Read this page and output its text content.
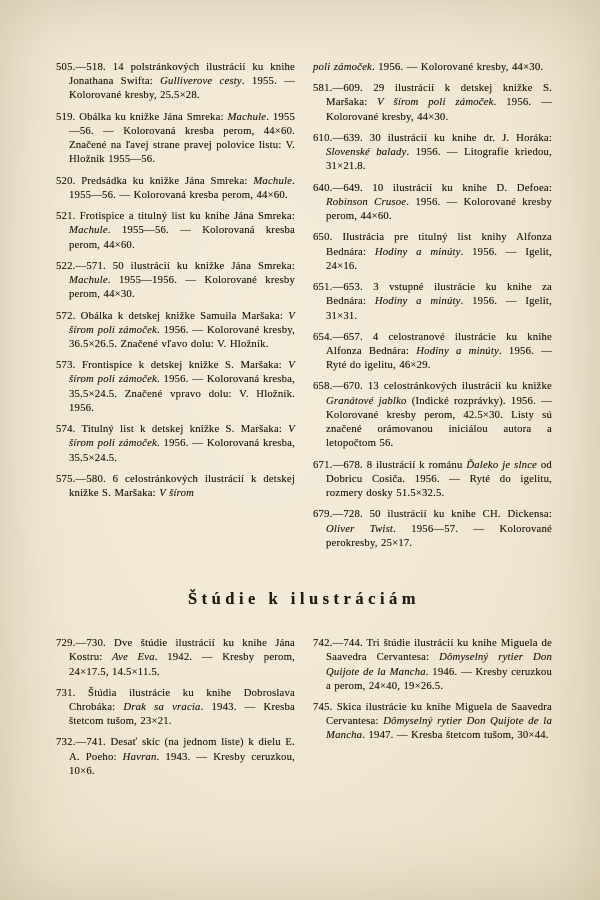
505.—518. 14 polstránkových ilustrácií ku knihe Jonathana Swifta: Gulliverove cesty. 1955. — Kolorované kresby, 25.5×28.

519. Obálka ku knižke Jána Smreka: Machule. 1955—56. — Kolorovaná kresba perom, 44×60. Značené na ľavej strane pravej polovice listu: V. Hložník 1955—56.

520. Predsádka ku knižke Jána Smreka: Machule. 1955—56. — Kolorovaná kresba perom, 44×60.

521. Frotispice a titulný list ku knihe Jána Smreka: Machule. 1955—56. — Kolorovaná kresba perom, 44×60.

522.—571. 50 ilustrácií ku knižke Jána Smreka: Machule. 1955—1956. — Kolorované kresby perom, 44×30.

572. Obálka k detskej knižke Samuila Maršaka: V šírom poli zámoček. 1956. — Kolorované kresby, 36.5×26.5. Značené vľavo dolu: V. Hložník.

573. Frontispice k detskej knižke S. Maršaka: V šírom poli zámoček. 1956. — Kolorovaná kresba, 35.5×24.5. Značené vpravo dolu: V. Hložník. 1956.

574. Titulný list k detskej knižke S. Maršaka: V šírom poli zámoček. 1956. — Kolorovaná kresba, 35.5×24.5.

575.—580. 6 celostránkových ilustrácií k detskej knižke S. Maršaka: V šírom

poli zámoček. 1956. — Kolorované kresby, 44×30.

581.—609. 29 ilustrácií k detskej knižke S. Maršaka: V šírom poli zámoček. 1956. — Kolorované kresby, 44×30.

610.—639. 30 ilustrácií ku knihe dr. J. Horáka: Slovenské balady. 1956. — Litografie kriedou, 31×21.8.

640.—649. 10 ilustrácií ku knihe D. Defoea: Robinson Crusoe. 1956. — Kolorované kresby perom, 44×60.

650. Ilustrácia pre titulný list knihy Alfonza Bednára: Hodiny a minúty. 1956. — Igelit, 24×16.

651.—653. 3 vstupné ilustrácie ku knihe za Bednára: Hodiny a minúty. 1956. — Igelit, 31×31.

654.—657. 4 celostranové ilustrácie ku knihe Alfonza Bednára: Hodiny a minúty. 1956. — Ryté do igelitu, 46×29.

658.—670. 13 celostránkových ilustrácií ku knižke Granátové jablko (Indické rozprávky). 1956. — Kolorované kresby perom, 42.5×30. Listy sú značené orámovanou iniciálou autora a letopočtom 56.

671.—678. 8 ilustrácií k románu Ďaleko je slnce od Dobricu Cosiča. 1956. — Ryté do igelitu, rozmery dosky 51.5×32.5.

679.—728. 50 ilustrácií ku knihe CH. Dickensa: Oliver Twist. 1956—57. — Kolorované perokresby, 25×17.

Štúdie k ilustráciám

729.—730. Dve štúdie ilustrácií ku knihe Jána Kostru: Ave Eva. 1942. — Kresby perom, 24×17.5, 14.5×11.5.

731. Štúdia ilustrácie ku knihe Dobroslava Chrobáka: Drak sa vracia. 1943. — Kresba štetcom tušom, 23×21.

732.—741. Desať skíc (na jednom liste) k dielu E. A. Poeho: Havran. 1943. — Kresby ceruzkou, 10×6.

742.—744. Tri štúdie ilustrácií ku knihe Miguela de Saavedra Cervantesa: Dômyselný rytier Don Quijote de la Mancha. 1946. — Kresby ceruzkou a perom, 24×40, 19×26.5.

745. Skica ilustrácie ku knihe Miguela de Saavedra Cervantesa: Dômyselný rytier Don Quijote de la Mancha. 1947. — Kresba štetcom tušom, 30×44.
